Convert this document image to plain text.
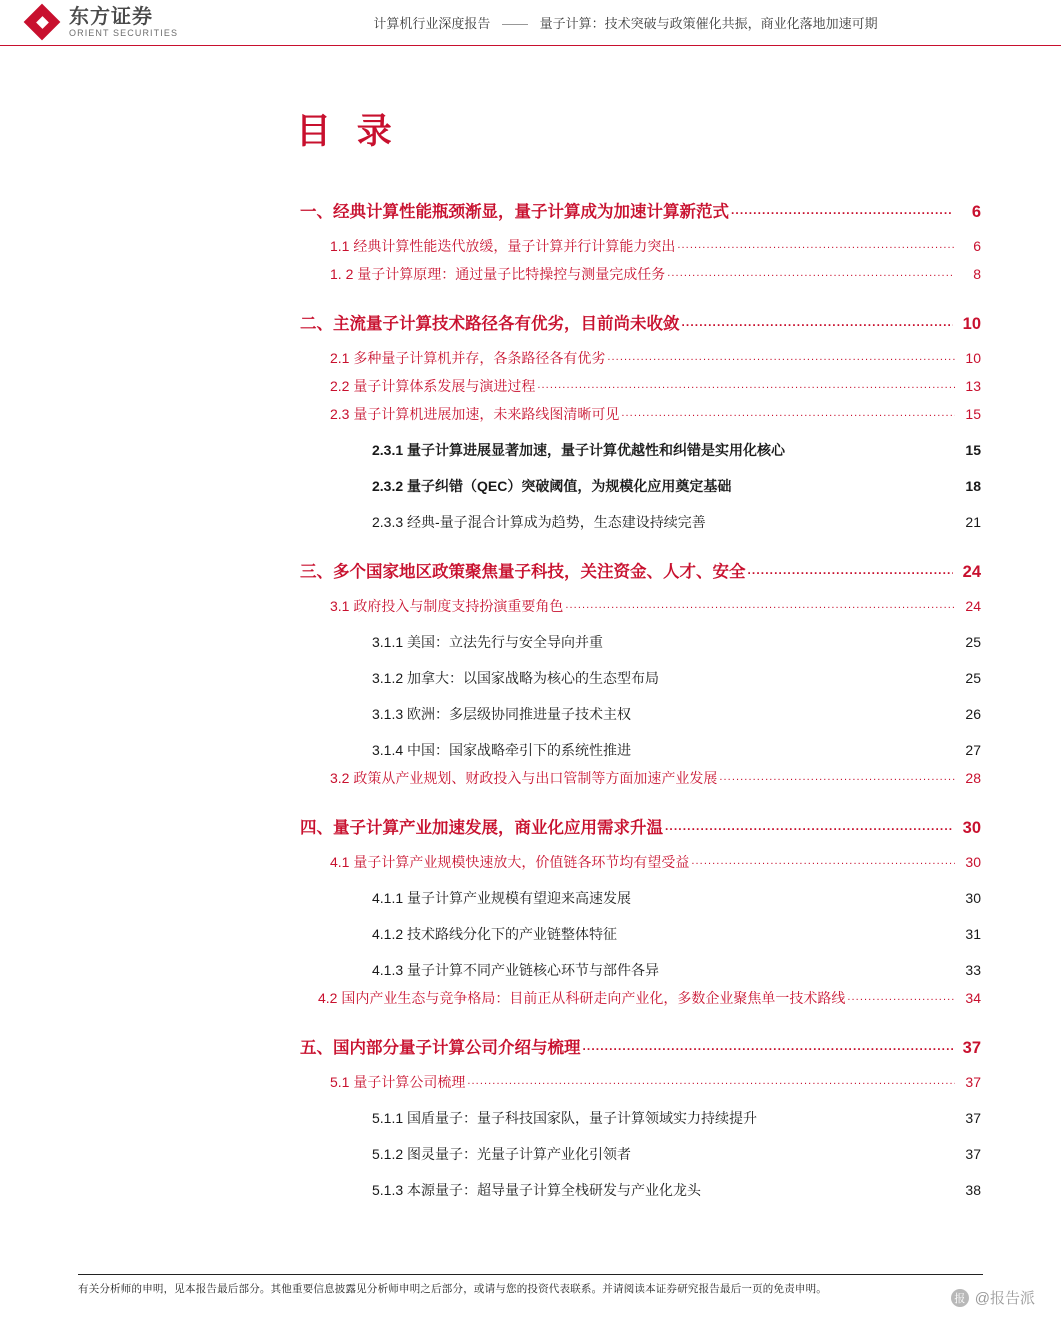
东方证券
ORIENT SECURITIES
计算机行业深度报告 —— 量子计算：技术突破与政策催化共振，商业化落地加速可期
目 录
一、经典计算性能瓶颈渐显，量子计算成为加速计算新范式 .....	6
1.1 经典计算性能迭代放缓，量子计算并行计算能力突出 .....	6
1. 2 量子计算原理：通过量子比特操控与测量完成任务 .....	8
二、主流量子计算技术路径各有优劣，目前尚未收敛 .....	10
2.1 多种量子计算机并存，各条路径各有优劣 .....	10
2.2 量子计算体系发展与演进过程 .....	13
2.3 量子计算机进展加速，未来路线图清晰可见 .....	15
2.3.1 量子计算进展显著加速，量子计算优越性和纠错是实用化核心	15
2.3.2 量子纠错（QEC）突破阈值，为规模化应用奠定基础	18
2.3.3 经典-量子混合计算成为趋势，生态建设持续完善	21
三、多个国家地区政策聚焦量子科技，关注资金、人才、安全 .....	24
3.1 政府投入与制度支持扮演重要角色 .....	24
3.1.1 美国：立法先行与安全导向并重	25
3.1.2 加拿大：以国家战略为核心的生态型布局	25
3.1.3 欧洲：多层级协同推进量子技术主权	26
3.1.4 中国：国家战略牵引下的系统性推进	27
3.2 政策从产业规划、财政投入与出口管制等方面加速产业发展 .....	28
四、量子计算产业加速发展，商业化应用需求升温 .....	30
4.1 量子计算产业规模快速放大，价值链各环节均有望受益 .....	30
4.1.1 量子计算产业规模有望迎来高速发展	30
4.1.2 技术路线分化下的产业链整体特征	31
4.1.3 量子计算不同产业链核心环节与部件各异	33
4.2 国内产业生态与竞争格局：目前正从科研走向产业化，多数企业聚焦单一技术路线 .....	34
五、国内部分量子计算公司介绍与梳理 .....	37
5.1 量子计算公司梳理 .....	37
5.1.1 国盾量子：量子科技国家队，量子计算领域实力持续提升	37
5.1.2 图灵量子：光量子计算产业化引领者	37
5.1.3 本源量子：超导量子计算全栈研发与产业化龙头	38
有关分析师的申明，见本报告最后部分。其他重要信息披露见分析师申明之后部分，或请与您的投资代表联系。并请阅读本证券研究报告最后一页的免责申明。
报 @报告派
